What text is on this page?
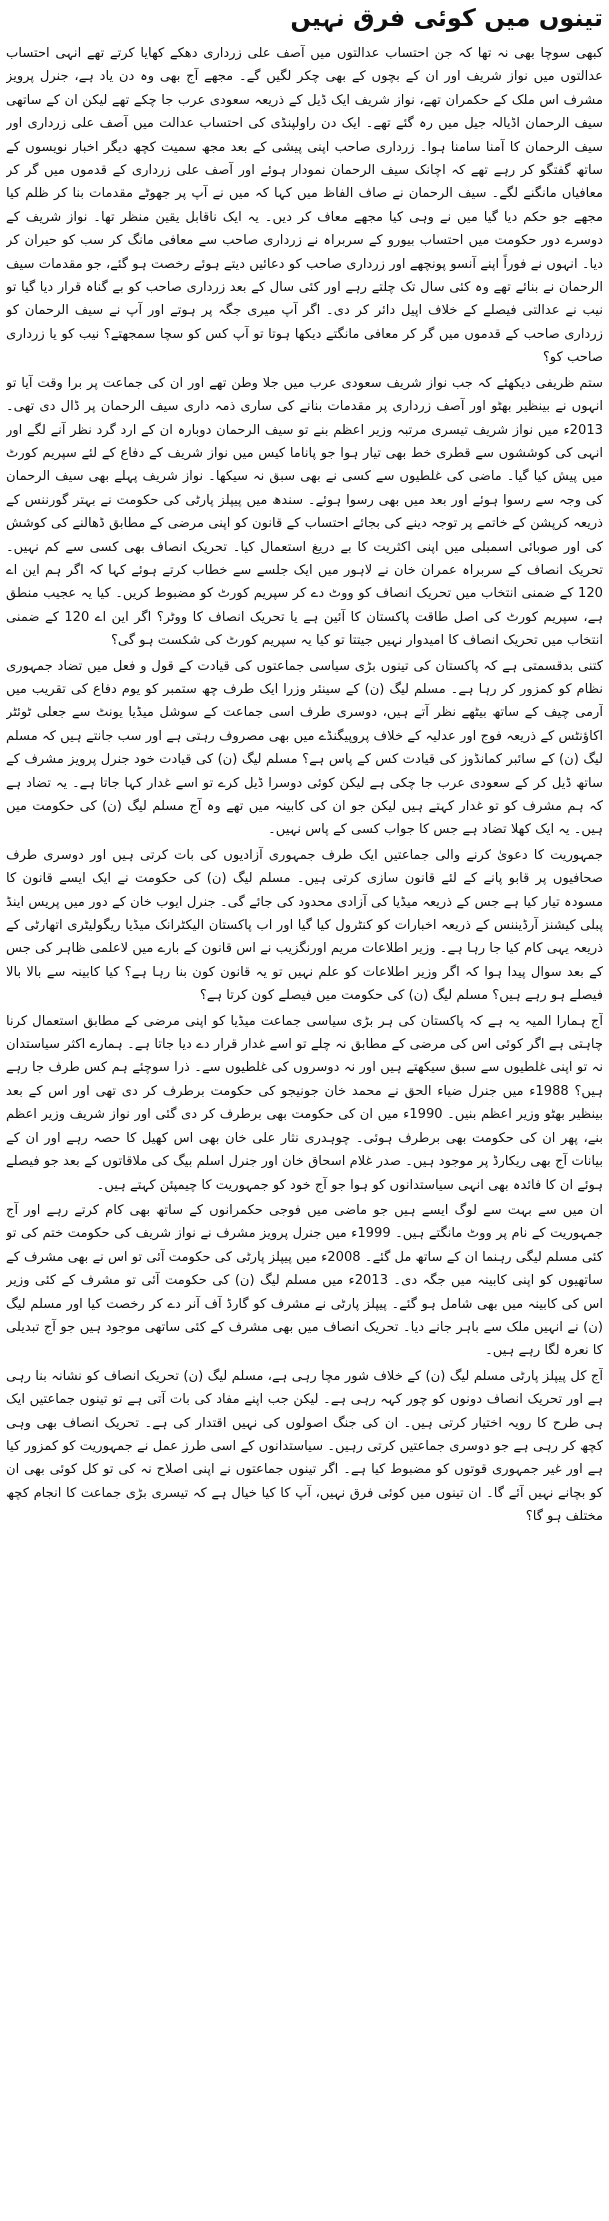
تینوں میں کوئی فرق نہیں

کبھی سوچا بھی نہ تھا کہ جن احتساب عدالتوں میں آصف علی زرداری دھکے کھایا کرتے تھے انہی احتساب عدالتوں میں نواز شریف اور ان کے بچوں کے بھی چکر لگیں گے۔ مجھے آج بھی وہ دن یاد ہے، جنرل پرویز مشرف اس ملک کے حکمران تھے، نواز شریف ایک ڈیل کے ذریعہ سعودی عرب جا چکے تھے لیکن ان کے ساتھی سیف الرحمان اڈیالہ جیل میں رہ گئے تھے۔ ایک دن راولپنڈی کی احتساب عدالت میں آصف علی زرداری اور سیف الرحمان کا آمنا سامنا ہوا۔ زرداری صاحب اپنی پیشی کے بعد مجھ سمیت کچھ دیگر اخبار نویسوں کے ساتھ گفتگو کر رہے تھے کہ اچانک سیف الرحمان نمودار ہوئے اور آصف علی زرداری کے قدموں میں گر کر معافیاں مانگنے لگے۔ سیف الرحمان نے صاف الفاظ میں کہا کہ میں نے آپ پر جھوٹے مقدمات بنا کر ظلم کیا مجھے جو حکم دیا گیا میں نے وہی کیا مجھے معاف کر دیں۔ یہ ایک ناقابل یقین منظر تھا۔ نواز شریف کے دوسرے دور حکومت میں احتساب بیورو کے سربراہ نے زرداری صاحب سے معافی مانگ کر سب کو حیران کر دیا۔ انہوں نے فوراً اپنے آنسو پونچھے اور زرداری صاحب کو دعائیں دیتے ہوئے رخصت ہو گئے، جو مقدمات سیف الرحمان نے بنائے تھے وہ کئی سال تک چلتے رہے اور کئی سال کے بعد زرداری صاحب کو بے گناہ قرار دیا گیا تو نیب نے عدالتی فیصلے کے خلاف اپیل دائر کر دی۔ اگر آپ میری جگہ پر ہوتے اور آپ نے سیف الرحمان کو زرداری صاحب کے قدموں میں گر کر معافی مانگتے دیکھا ہوتا تو آپ کس کو سچا سمجھتے؟ نیب کو یا زرداری صاحب کو؟

ستم ظریفی دیکھئے کہ جب نواز شریف سعودی عرب میں جلا وطن تھے اور ان کی جماعت پر برا وقت آیا تو انہوں نے بینظیر بھٹو اور آصف زرداری پر مقدمات بنانے کی ساری ذمہ داری سیف الرحمان پر ڈال دی تھی۔ 2013ء میں نواز شریف تیسری مرتبہ وزیر اعظم بنے تو سیف الرحمان دوبارہ ان کے ارد گرد نظر آنے لگے اور انہی کی کوششوں سے قطری خط بھی تیار ہوا جو پاناما کیس میں نواز شریف کے دفاع کے لئے سپریم کورٹ میں پیش کیا گیا۔ ماضی کی غلطیوں سے کسی نے بھی سبق نہ سیکھا۔ نواز شریف پہلے بھی سیف الرحمان کی وجہ سے رسوا ہوئے اور بعد میں بھی رسوا ہوئے۔ سندھ میں پیپلز پارٹی کی حکومت نے بہتر گورننس کے ذریعہ کرپشن کے خاتمے پر توجہ دینے کی بجائے احتساب کے قانون کو اپنی مرضی کے مطابق ڈھالنے کی کوشش کی اور صوبائی اسمبلی میں اپنی اکثریت کا بے دریغ استعمال کیا۔ تحریک انصاف بھی کسی سے کم نہیں۔ تحریک انصاف کے سربراہ عمران خان نے لاہور میں ایک جلسے سے خطاب کرتے ہوئے کہا کہ اگر ہم این اے 120 کے ضمنی انتخاب میں تحریک انصاف کو ووٹ دے کر سپریم کورٹ کو مضبوط کریں۔ کیا یہ عجیب منطق ہے، سپریم کورٹ کی اصل طاقت پاکستان کا آئین ہے یا تحریک انصاف کا ووٹر؟ اگر این اے 120 کے ضمنی انتخاب میں تحریک انصاف کا امیدوار نہیں جیتتا تو کیا یہ سپریم کورٹ کی شکست ہو گی؟

کتنی بدقسمتی ہے کہ پاکستان کی تینوں بڑی سیاسی جماعتوں کی قیادت کے قول و فعل میں تضاد جمہوری نظام کو کمزور کر رہا ہے۔ مسلم لیگ (ن) کے سینئر وزرا ایک طرف چھ ستمبر کو یوم دفاع کی تقریب میں آرمی چیف کے ساتھ بیٹھے نظر آتے ہیں، دوسری طرف اسی جماعت کے سوشل میڈیا یونٹ سے جعلی ٹوئٹر اکاؤنٹس کے ذریعہ فوج اور عدلیہ کے خلاف پروپیگنڈے میں بھی مصروف رہتی ہے اور سب جانتے ہیں کہ مسلم لیگ (ن) کے سائبر کمانڈوز کی قیادت کس کے پاس ہے؟ مسلم لیگ (ن) کی قیادت خود جنرل پرویز مشرف کے ساتھ ڈیل کر کے سعودی عرب جا چکی ہے لیکن کوئی دوسرا ڈیل کرے تو اسے غدار کہا جاتا ہے۔ یہ تضاد ہے کہ ہم مشرف کو تو غدار کہتے ہیں لیکن جو ان کی کابینہ میں تھے وہ آج مسلم لیگ (ن) کی حکومت میں ہیں۔ یہ ایک کھلا تضاد ہے جس کا جواب کسی کے پاس نہیں۔

جمہوریت کا دعویٰ کرنے والی جماعتیں ایک طرف جمہوری آزادیوں کی بات کرتی ہیں اور دوسری طرف صحافیوں پر قابو پانے کے لئے قانون سازی کرتی ہیں۔ مسلم لیگ (ن) کی حکومت نے ایک ایسے قانون کا مسودہ تیار کیا ہے جس کے ذریعہ میڈیا کی آزادی محدود کی جائے گی۔ جنرل ایوب خان کے دور میں پریس اینڈ پبلی کیشنز آرڈیننس کے ذریعہ اخبارات کو کنٹرول کیا گیا اور اب پاکستان الیکٹرانک میڈیا ریگولیٹری اتھارٹی کے ذریعہ یہی کام کیا جا رہا ہے۔ وزیر اطلاعات مریم اورنگزیب نے اس قانون کے بارے میں لاعلمی ظاہر کی جس کے بعد سوال پیدا ہوا کہ اگر وزیر اطلاعات کو علم نہیں تو یہ قانون کون بنا رہا ہے؟ کیا کابینہ سے بالا بالا فیصلے ہو رہے ہیں؟ مسلم لیگ (ن) کی حکومت میں فیصلے کون کرتا ہے؟

آج ہمارا المیہ یہ ہے کہ پاکستان کی ہر بڑی سیاسی جماعت میڈیا کو اپنی مرضی کے مطابق استعمال کرنا چاہتی ہے اگر کوئی اس کی مرضی کے مطابق نہ چلے تو اسے غدار قرار دے دیا جاتا ہے۔ ہمارے اکثر سیاستدان نہ تو اپنی غلطیوں سے سبق سیکھتے ہیں اور نہ دوسروں کی غلطیوں سے۔ ذرا سوچئے ہم کس طرف جا رہے ہیں؟ 1988ء میں جنرل ضیاء الحق نے محمد خان جونیجو کی حکومت برطرف کر دی تھی اور اس کے بعد بینظیر بھٹو وزیر اعظم بنیں۔ 1990ء میں ان کی حکومت بھی برطرف کر دی گئی اور نواز شریف وزیر اعظم بنے، پھر ان کی حکومت بھی برطرف ہوئی۔ چوہدری نثار علی خان بھی اس کھیل کا حصہ رہے اور ان کے بیانات آج بھی ریکارڈ پر موجود ہیں۔ صدر غلام اسحاق خان اور جنرل اسلم بیگ کی ملاقاتوں کے بعد جو فیصلے ہوئے ان کا فائدہ بھی انہی سیاستدانوں کو ہوا جو آج خود کو جمہوریت کا چیمپئن کہتے ہیں۔

ان میں سے بہت سے لوگ ایسے ہیں جو ماضی میں فوجی حکمرانوں کے ساتھ بھی کام کرتے رہے اور آج جمہوریت کے نام پر ووٹ مانگتے ہیں۔ 1999ء میں جنرل پرویز مشرف نے نواز شریف کی حکومت ختم کی تو کئی مسلم لیگی رہنما ان کے ساتھ مل گئے۔ 2008ء میں پیپلز پارٹی کی حکومت آئی تو اس نے بھی مشرف کے ساتھیوں کو اپنی کابینہ میں جگہ دی۔ 2013ء میں مسلم لیگ (ن) کی حکومت آئی تو مشرف کے کئی وزیر اس کی کابینہ میں بھی شامل ہو گئے۔ پیپلز پارٹی نے مشرف کو گارڈ آف آنر دے کر رخصت کیا اور مسلم لیگ (ن) نے انہیں ملک سے باہر جانے دیا۔ تحریک انصاف میں بھی مشرف کے کئی ساتھی موجود ہیں جو آج تبدیلی کا نعرہ لگا رہے ہیں۔

آج کل پیپلز پارٹی مسلم لیگ (ن) کے خلاف شور مچا رہی ہے، مسلم لیگ (ن) تحریک انصاف کو نشانہ بنا رہی ہے اور تحریک انصاف دونوں کو چور کہہ رہی ہے۔ لیکن جب اپنے مفاد کی بات آتی ہے تو تینوں جماعتیں ایک ہی طرح کا رویہ اختیار کرتی ہیں۔ ان کی جنگ اصولوں کی نہیں اقتدار کی ہے۔ تحریک انصاف بھی وہی کچھ کر رہی ہے جو دوسری جماعتیں کرتی رہیں۔ سیاستدانوں کے اسی طرز عمل نے جمہوریت کو کمزور کیا ہے اور غیر جمہوری قوتوں کو مضبوط کیا ہے۔ اگر تینوں جماعتوں نے اپنی اصلاح نہ کی تو کل کوئی بھی ان کو بچانے نہیں آئے گا۔ ان تینوں میں کوئی فرق نہیں، آپ کا کیا خیال ہے کہ تیسری بڑی جماعت کا انجام کچھ مختلف ہو گا؟
